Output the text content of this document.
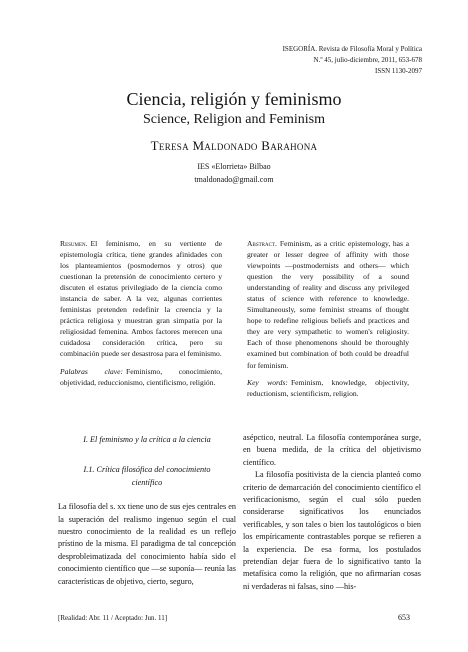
ISEGORÍA. Revista de Filosofía Moral y Política
N.º 45, julio-diciembre, 2011, 653-678
ISSN 1130-2097
Ciencia, religión y feminismo
Science, Religion and Feminism
Teresa Maldonado Barahona
IES «Elorrieta» Bilbao
tmaldonado@gmail.com
Resumen. El feminismo, en su vertiente de epistemología crítica, tiene grandes afinidades con los planteamientos (posmodernos y otros) que cuestionan la pretensión de conocimiento certero y discuten el estatus privilegiado de la ciencia como instancia de saber. A la vez, algunas corrientes feministas pretenden redefinir la creencia y la práctica religiosa y muestran gran simpatía por la religiosidad femenina. Ambos factores merecen una cuidadosa consideración crítica, pero su combinación puede ser desastrosa para el feminismo.
Palabras clave: Feminismo, conocimiento, objetividad, reduccionismo, cientificismo, religión.
Abstract. Feminism, as a critic epistemology, has a greater or lesser degree of affinity with those viewpoints —postmodernists and others— which question the very possibility of a sound understanding of reality and discuss any privileged status of science with reference to knowledge. Simultaneously, some feminist streams of thought hope to redefine religious beliefs and practices and they are very sympathetic to women's religiosity. Each of those phenomenons should be thoroughly examined but combination of both could be dreadful for feminism.
Key words: Feminism, knowledge, objectivity, reductionism, scientificism, religion.
I. El feminismo y la crítica a la ciencia
I.1. Crítica filosófica del conocimiento científico

La filosofía del s. xx tiene uno de sus ejes centrales en la superación del realismo ingenuo según el cual nuestro conocimiento de la realidad es un reflejo prístino de la misma. El paradigma de tal concepción desprobleimatizada del conocimiento había sido el conocimiento científico que —se suponía— reunía las características de objetivo, cierto, seguro,

asépctico, neutral. La filosofía contemporánea surge, en buena medida, de la crítica del objetivismo científico.

La filosofía positivista de la ciencia planteó como criterio de demarcación del conocimiento científico el verificacionismo, según el cual sólo pueden considerarse significativos los enunciados verificables, y son tales o bien los tautológicos o bien los empíricamente contrastables porque se refieren a la experiencia. De esa forma, los postulados pretendían dejar fuera de lo significativo tanto la metafísica como la religión, que no afirmarían cosas ni verdaderas ni falsas, sino —his-

[Realidad: Abr. 11 / Aceptado: Jun. 11]	653
